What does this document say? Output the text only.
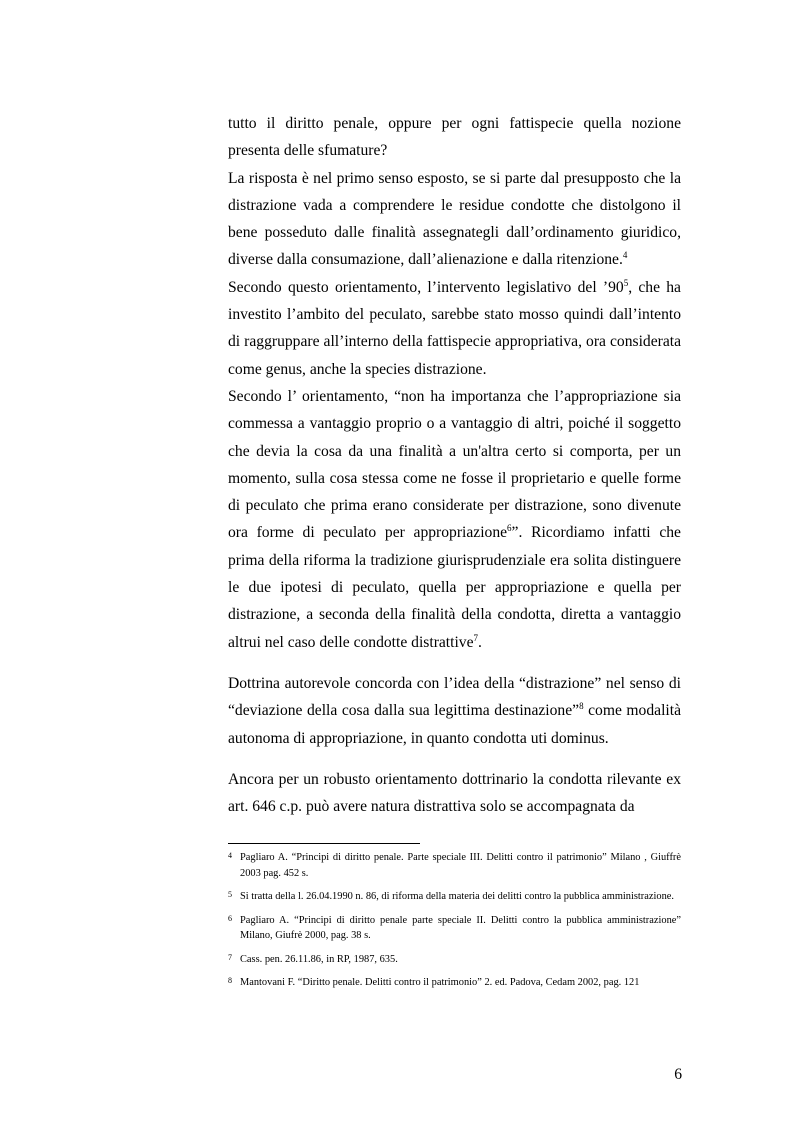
tutto il diritto penale, oppure per ogni fattispecie quella nozione presenta delle sfumature?

La risposta è nel primo senso esposto, se si parte dal presupposto che la distrazione vada a comprendere le residue condotte che distolgono il bene posseduto dalle finalità assegnategli dall’ordinamento giuridico, diverse dalla consumazione, dall’alienazione e dalla ritenzione.$^4$

Secondo questo orientamento, l’intervento legislativo del $’90^5$, che ha investito l’ambito del peculato, sarebbe stato mosso quindi dall’intento di raggruppare all’interno della fattispecie appropriativa, ora considerata come genus, anche la species distrazione.

Secondo l’ orientamento, “non ha importanza che l’appropriazione sia commessa a vantaggio proprio o a vantaggio di altri, poiché il soggetto che devia la cosa da una finalità a un'altra certo si comporta, per un momento, sulla cosa stessa come ne fosse il proprietario e quelle forme di peculato che prima erano considerate per distrazione, sono divenute ora forme di peculato per appropriazione$^6$”. Ricordiamo infatti che prima della riforma la tradizione giurisprudenziale era solita distinguere le due ipotesi di peculato, quella per appropriazione e quella per distrazione, a seconda della finalità della condotta, diretta a vantaggio altrui nel caso delle condotte distrattive$^7$.

Dottrina autorevole concorda con l’idea della “distrazione” nel senso di “deviazione della cosa dalla sua legittima destinazione”$^8$ come modalità autonoma di appropriazione, in quanto condotta uti dominus.

Ancora per un robusto orientamento dottrinario la condotta rilevante ex art. 646 c.p. può avere natura distrattiva solo se accompagnata da

4 Pagliaro A. “Principi di diritto penale. Parte speciale III. Delitti contro il patrimonio” Milano , Giuffrè 2003 pag. 452 s.

5 Si tratta della l. 26.04.1990 n. 86, di riforma della materia dei delitti contro la pubblica amministrazione.

6 Pagliaro A. “Principi di diritto penale parte speciale II. Delitti contro la pubblica amministrazione” Milano, Giufrè 2000, pag. 38 s.

7 Cass. pen. 26.11.86, in RP, 1987, 635.

8 Mantovani F. “Diritto penale. Delitti contro il patrimonio” 2. ed. Padova, Cedam 2002, pag. 121

6
